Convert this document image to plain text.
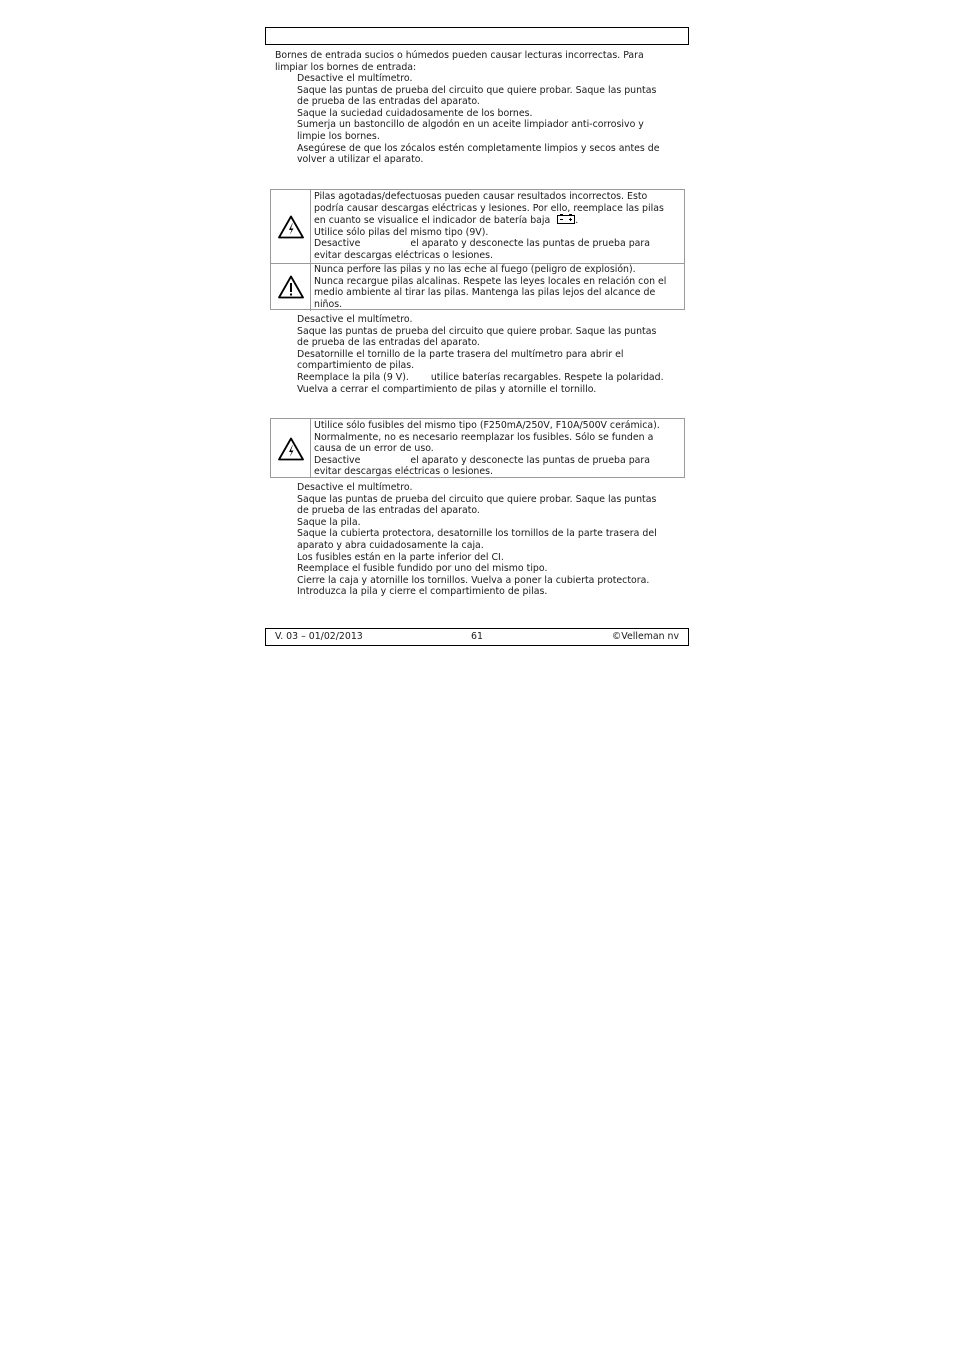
Bornes de entrada sucios o húmedos pueden causar lecturas incorrectas. Para
limpiar los bornes de entrada:
Desactive el multímetro.
Saque las puntas de prueba del circuito que quiere probar. Saque las puntas
de prueba de las entradas del aparato.
Saque la suciedad cuidadosamente de los bornes.
Sumerja un bastoncillo de algodón en un aceite limpiador anti-corrosivo y
limpie los bornes.
Asegúrese de que los zócalos estén completamente limpios y secos antes de
volver a utilizar el aparato.
Pilas agotadas/defectuosas pueden causar resultados incorrectos. Esto
podría causar descargas eléctricas y lesiones. Por ello, reemplace las pilas
en cuanto se visualice el indicador de batería baja	.
Utilice sólo pilas del mismo tipo (9V).
Desactive	el aparato y desconecte las puntas de prueba para
evitar descargas eléctricas o lesiones.
Nunca perfore las pilas y no las eche al fuego (peligro de explosión).
Nunca recargue pilas alcalinas. Respete las leyes locales en relación con el
medio ambiente al tirar las pilas. Mantenga las pilas lejos del alcance de
niños.
Desactive el multímetro.
Saque las puntas de prueba del circuito que quiere probar. Saque las puntas
de prueba de las entradas del aparato.
Desatornille el tornillo de la parte trasera del multímetro para abrir el
compartimiento de pilas.
Reemplace la pila (9 V). utilice baterías recargables. Respete la polaridad.
Vuelva a cerrar el compartimiento de pilas y atornille el tornillo.
Utilice sólo fusibles del mismo tipo (F250mA/250V, F10A/500V cerámica).
Normalmente, no es necesario reemplazar los fusibles. Sólo se funden a
causa de un error de uso.
Desactive	el aparato y desconecte las puntas de prueba para
evitar descargas eléctricas o lesiones.
Desactive el multímetro.
Saque las puntas de prueba del circuito que quiere probar. Saque las puntas
de prueba de las entradas del aparato.
Saque la pila.
Saque la cubierta protectora, desatornille los tornillos de la parte trasera del
aparato y abra cuidadosamente la caja.
Los fusibles están en la parte inferior del CI.
Reemplace el fusible fundido por uno del mismo tipo.
Cierre la caja y atornille los tornillos. Vuelva a poner la cubierta protectora.
Introduzca la pila y cierre el compartimiento de pilas.
V. 03 – 01/02/2013	61	©Velleman nv
